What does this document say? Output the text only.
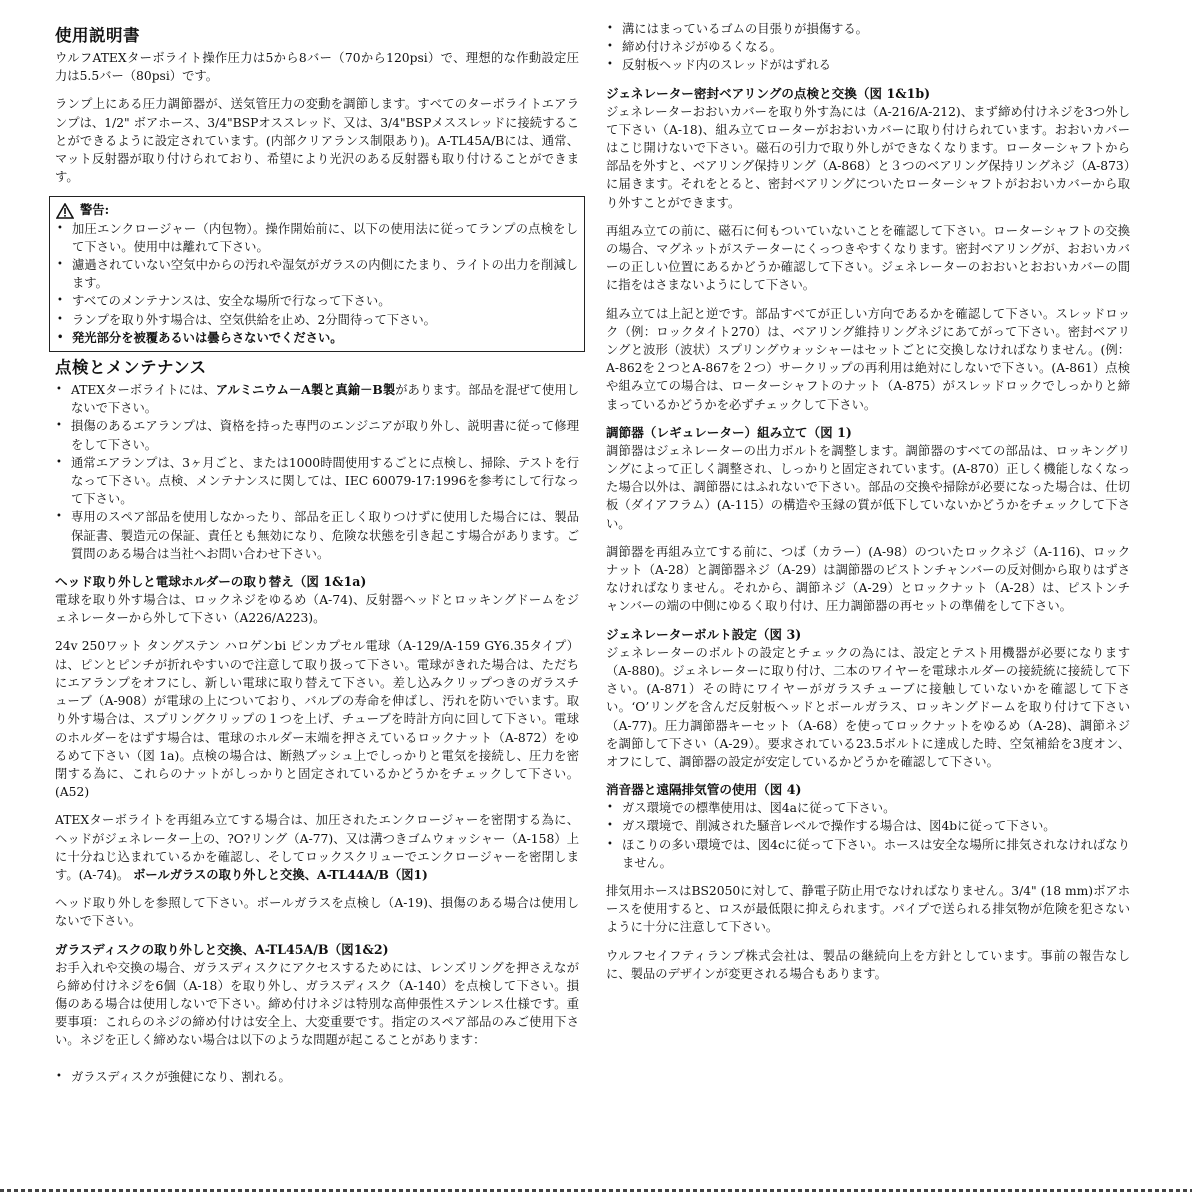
使用説明書

ウルフATEXターボライト操作圧力は5から8バー（70から120psi）で、理想的な作動設定圧力は5.5バー（80psi）です。

ランプ上にある圧力調節器が、送気管圧力の変動を調節します。すべてのターボライトエアランプは、1/2" ボアホース、3/4"BSPオススレッド、又は、3/4"BSPメススレッドに接続することができるように設定されています。(内部クリアランス制限あり)。A-TL45A/Bには、通常、マット反射器が取り付けられており、希望により光沢のある反射器も取り付けることができます。

警告:
• 加圧エンクロージャー（内包物）。操作開始前に、以下の使用法に従ってランプの点検をして下さい。使用中は離れて下さい。
• 濾過されていない空気中からの汚れや湿気がガラスの内側にたまり、ライトの出力を削減します。
• すべてのメンテナンスは、安全な場所で行なって下さい。
• ランプを取り外す場合は、空気供給を止め、2分間待って下さい。
• 発光部分を被覆あるいは曇らさないでください。
点検とメンテナンス
• ATEXターボライトには、アルミニウム－A製と真鍮－B製があります。部品を混ぜて使用しないで下さい。
• 損傷のあるエアランプは、資格を持った専門のエンジニアが取り外し、説明書に従って修理をして下さい。
• 通常エアランプは、3ヶ月ごと、または1000時間使用するごとに点検し、掃除、テストを行なって下さい。点検、メンテナンスに関しては、IEC 60079-17:1996を参考にして行なって下さい。
• 専用のスペア部品を使用しなかったり、部品を正しく取りつけずに使用した場合には、製品保証書、製造元の保証、責任とも無効になり、危険な状態を引き起こす場合があります。ご質問のある場合は当社へお問い合わせ下さい。
ヘッド取り外しと電球ホルダーの取り替え（図 1&1a)

電球を取り外す場合は、ロックネジをゆるめ（A-74)、反射器ヘッドとロッキングドームをジェネレーターから外して下さい（A226/A223)。

24v 250ワット タングステン ハロゲンbi ピンカプセル電球（A-129/A-159 GY6.35タイプ）は、ピンとピンチが折れやすいので注意して取り扱って下さい。電球がきれた場合は、ただちにエアランプをオフにし、新しい電球に取り替えて下さい。差し込みクリップつきのガラスチューブ（A-908）が電球の上についており、バルブの寿命を伸ばし、汚れを防いでいます。取り外す場合は、スプリングクリップの１つを上げ、チューブを時計方向に回して下さい。電球のホルダーをはずす場合は、電球のホルダー末端を押さえているロックナット（A-872）をゆるめて下さい（図 1a)。点検の場合は、断熱ブッシュ上でしっかりと電気を接続し、圧力を密閉する為に、これらのナットがしっかりと固定されているかどうかをチェックして下さい。(A52)

ATEXターボライトを再組み立てする場合は、加圧されたエンクロージャーを密閉する為に、ヘッドがジェネレーター上の、?O?リング（A-77)、又は溝つきゴムウォッシャー（A-158）上に十分ねじ込まれているかを確認し、そしてロックスクリューでエンクロージャーを密閉します。(A-74)。 ボールガラスの取り外しと交換、A-TL44A/B（図1)

ヘッド取り外しを参照して下さい。ボールガラスを点検し（A-19)、損傷のある場合は使用しないで下さい。

ガラスディスクの取り外しと交換、A-TL45A/B（図1&2)

お手入れや交換の場合、ガラスディスクにアクセスするためには、レンズリングを押さえながら締め付けネジを6個（A-18）を取り外し、ガラスディスク（A-140）を点検して下さい。損傷のある場合は使用しないで下さい。締め付けネジは特別な高伸張性ステンレス仕様です。重要事項：これらのネジの締め付けは安全上、大変重要です。指定のスペア部品のみご使用下さい。ネジを正しく締めない場合は以下のような問題が起こることがあります：

• ガラスディスクが強健になり、割れる。
• 溝にはまっているゴムの目張りが損傷する。
• 締め付けネジがゆるくなる。
• 反射板ヘッド内のスレッドがはずれる
ジェネレーター密封ベアリングの点検と交換（図 1&1b)

ジェネレーターおおいカバーを取り外す為には（A-216/A-212)、まず締め付けネジを3つ外して下さい（A-18)、組み立てローターがおおいカバーに取り付けられています。おおいカバーはこじ開けないで下さい。磁石の引力で取り外しができなくなります。ローターシャフトから部品を外すと、ベアリング保持リング（A-868）と３つのベアリング保持リングネジ（A-873）に届きます。それをとると、密封ベアリングについたローターシャフトがおおいカバーから取り外すことができます。

再組み立ての前に、磁石に何もついていないことを確認して下さい。ローターシャフトの交換の場合、マグネットがステーターにくっつきやすくなります。密封ベアリングが、おおいカバーの正しい位置にあるかどうか確認して下さい。ジェネレーターのおおいとおおいカバーの間に指をはさまないようにして下さい。

組み立ては上記と逆です。部品すべてが正しい方向であるかを確認して下さい。スレッドロック（例：ロックタイト270）は、ベアリング維持リングネジにあてがって下さい。密封ベアリングと波形（波状）スプリングウォッシャーはセットごとに交換しなければなりません。(例：A-862を２つとA-867を２つ）サークリップの再利用は絶対にしないで下さい。(A-861）点検や組み立ての場合は、ローターシャフトのナット（A-875）がスレッドロックでしっかりと締まっているかどうかを必ずチェックして下さい。

調節器（レギュレーター）組み立て（図 1)

調節器はジェネレーターの出力ボルトを調整します。調節器のすべての部品は、ロッキングリングによって正しく調整され、しっかりと固定されています。(A-870）正しく機能しなくなった場合以外は、調節器にはふれないで下さい。部品の交換や掃除が必要になった場合は、仕切板（ダイアフラム）(A-115）の構造や玉縁の質が低下していないかどうかをチェックして下さい。

調節器を再組み立てする前に、つば（カラー）(A-98）のついたロックネジ（A-116)、ロックナット（A-28）と調節器ネジ（A-29）は調節器のピストンチャンバーの反対側から取りはずさなければなりません。それから、調節ネジ（A-29）とロックナット（A-28）は、ピストンチャンバーの端の中側にゆるく取り付け、圧力調節器の再セットの準備をして下さい。

ジェネレーターボルト設定（図 3)

ジェネレーターのボルトの設定とチェックの為には、設定とテスト用機器が必要になります（A-880)。ジェネレーターに取り付け、二本のワイヤーを電球ホルダーの接続統に接続して下さい。(A-871）その時にワイヤーがガラスチューブに接触していないかを確認して下さい。‘O’リングを含んだ反射板ヘッドとボールガラス、ロッキングドームを取り付けて下さい（A-77)。圧力調節器キーセット（A-68）を使ってロックナットをゆるめ（A-28)、調節ネジを調節して下さい（A-29）。要求されている23.5ボルトに達成した時、空気補給を3度オン、オフにして、調節器の設定が安定しているかどうかを確認して下さい。

消音器と遠隔排気管の使用（図 4)
• ガス環境での標準使用は、図4aに従って下さい。
• ガス環境で、削減された騒音レベルで操作する場合は、図4bに従って下さい。
• ほこりの多い環境では、図4cに従って下さい。ホースは安全な場所に排気されなければなりません。

排気用ホースはBS2050に対して、静電子防止用でなければなりません。3/4" (18 mm)ボアホースを使用すると、ロスが最低限に抑えられます。パイプで送られる排気物が危険を犯さないように十分に注意して下さい。

ウルフセイフティランプ株式会社は、製品の継続向上を方針としています。事前の報告なしに、製品のデザインが変更される場合もあります。
